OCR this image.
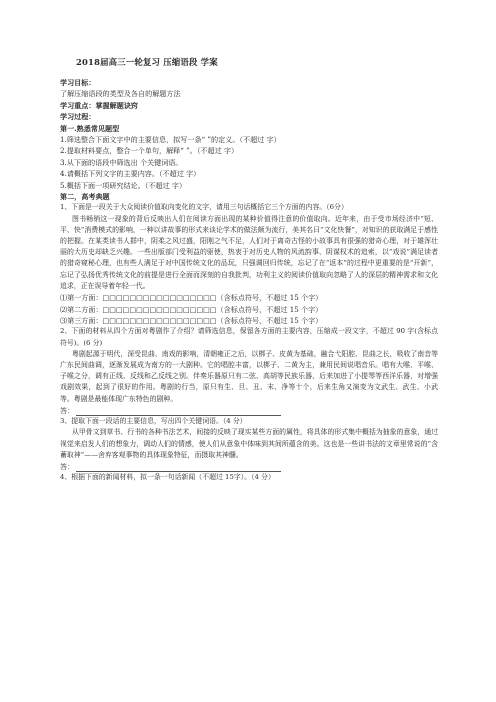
2018届高三一轮复习 压缩语段 学案
学习目标：
了解压缩语段的类型及各自的解题方法
学习重点：掌握解题诀窍
学习过程：
第一.熟悉常见题型
1.筛选整合下面文字中的主要信息，拟写一条“ ”的定义。（不超过 字）
2.提取材料要点，整合一个单句，解释“ ”。（不超过 字）
3.从下面的语段中筛选出 个关键词语。
4.请概括下列文字的主要内容。（不超过 字）
5.概括下面一项研究结论。（不超过 字）
第二，高考典题

1、下面是一段关于大众阅读价值取向变化的文字，请用三句话概括它三个方面的内容。（6分）

图书畅销这一现象的背后反映出人们在阅读方面出现的某种价值得注意的价值取向。近年来，由于受市场经济中“短、平、快”消费模式的影响，一种以讲故事的形式来谈论学术的做法颇为流行，美其名曰“文化快餐”，对知识的获取满足于感性的把握。在某类读书人群中，阴柔之风过盛，阳刚之气不足，人们对于离奇古怪的小故事具有很强的猎奇心理，对于雄浑壮丽的大历史却缺乏兴趣。一些出版部门受利益的驱使，热衷于对历史人物的风流韵事、阴谋权术的追索，以“戏说”满足读者的猎奇窥秘心理，也有些人满足于对中国传统文化的品玩，只强调回归传统，忘记了在“返本”的过程中更重要的是“开新”，忘记了弘扬优秀传统文化的前提是进行全面而深刻的自我批判，功利主义的阅读价值取向忽略了人的深层的精神需求和文化追求，正在误导着年轻一代。

⑴第一方面：□□□□□□□□□□□□□□□□□（含标点符号，不超过 15 个字）
⑵第二方面：□□□□□□□□□□□□□□□□□（含标点符号，不超过 15 个字）
⑶第三方面：□□□□□□□□□□□□□□□□□（含标点符号，不超过 15 个字）

2、下面的材料从四个方面对粤剧作了介绍？请筛选信息，保留各方面的主要内容，压缩成一段文字，不超过 90 字(含标点符号)。(6 分)

粤剧起源于明代，深受昆曲、南戏的影响，清朝雍正之后，以梆子、皮黄为基础，融合弋阳腔、昆曲之长，吸收了南音等广东民间曲调，逐渐发展成为南方的一大剧种。它的唱腔丰富，以梆子、二黄为主，兼用民间说唱音乐。唱有大喉、平喉、子喉之分，调有正线、反线和乙反线之别。伴奏乐器原只有二弦、高胡等民族乐器，后来加进了小提琴等西洋乐器，对增强戏剧效果，起到了很好的作用。粤剧的行当，原只有生、旦、丑、末、净等十个，后来生角又演变为文武生、武生、小武等。粤剧是最能体现广东特色的剧种。

答：

3、提取下面一段话的主要信息，写出四个关键词语。（4 分）

从甲骨文到草书、行书的各种书法艺术，间接的反映了现实某些方面的属性，将具体的形式集中概括为抽象的意象，通过视觉来启发人们的想象力，调动人们的情感，使人们从意象中体味到其间所蕴含的美。这也是一些讲书法的文章里常说的“含蓄取神”——舍弃客观事物的具体现象特征，而摄取其神髓。

答：

4、根据下面的新闻材料，拟一条一句话新闻（不超过 15字）。（4 分）
